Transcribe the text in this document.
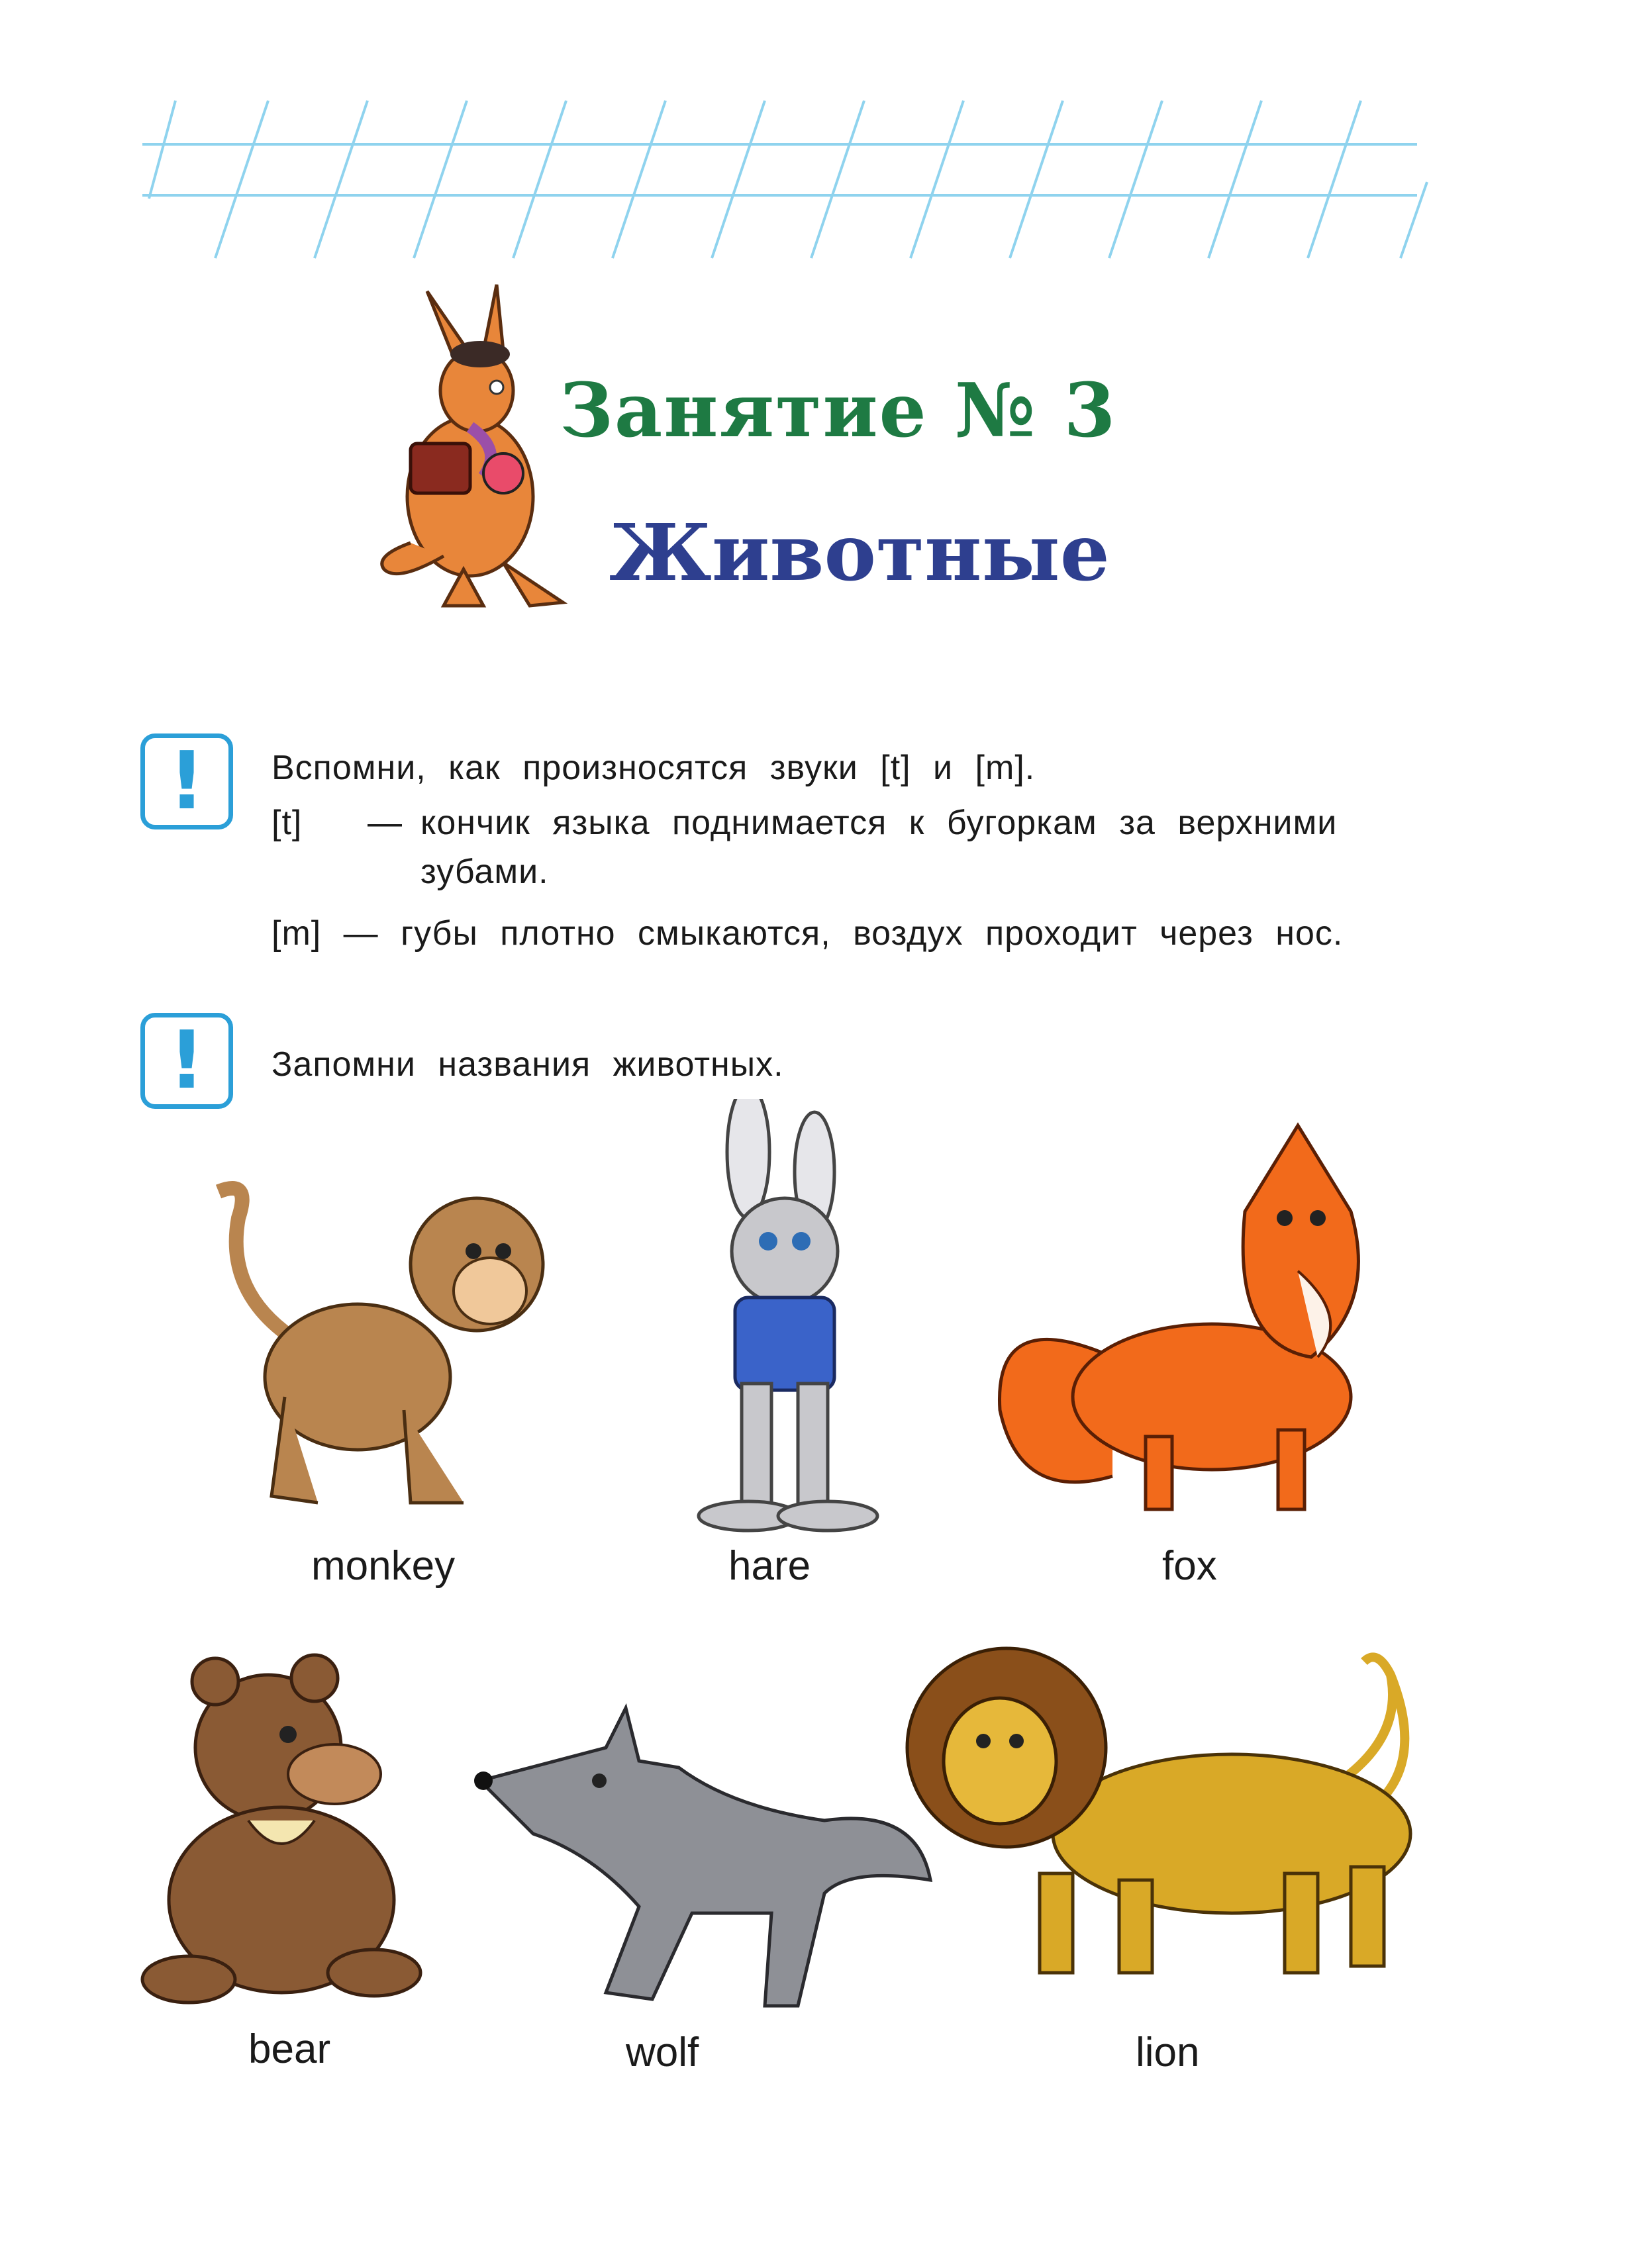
Занятие № 3
Животные
!	Вспомни, как произносятся звуки [t] и [m].
[t] — кончик языка поднимается к бугоркам за верхними
зубами.
[m] — губы плотно смыкаются, воздух проходит через нос.
!	Запомни названия животных.
monkey	hare	fox
bear	wolf	lion
